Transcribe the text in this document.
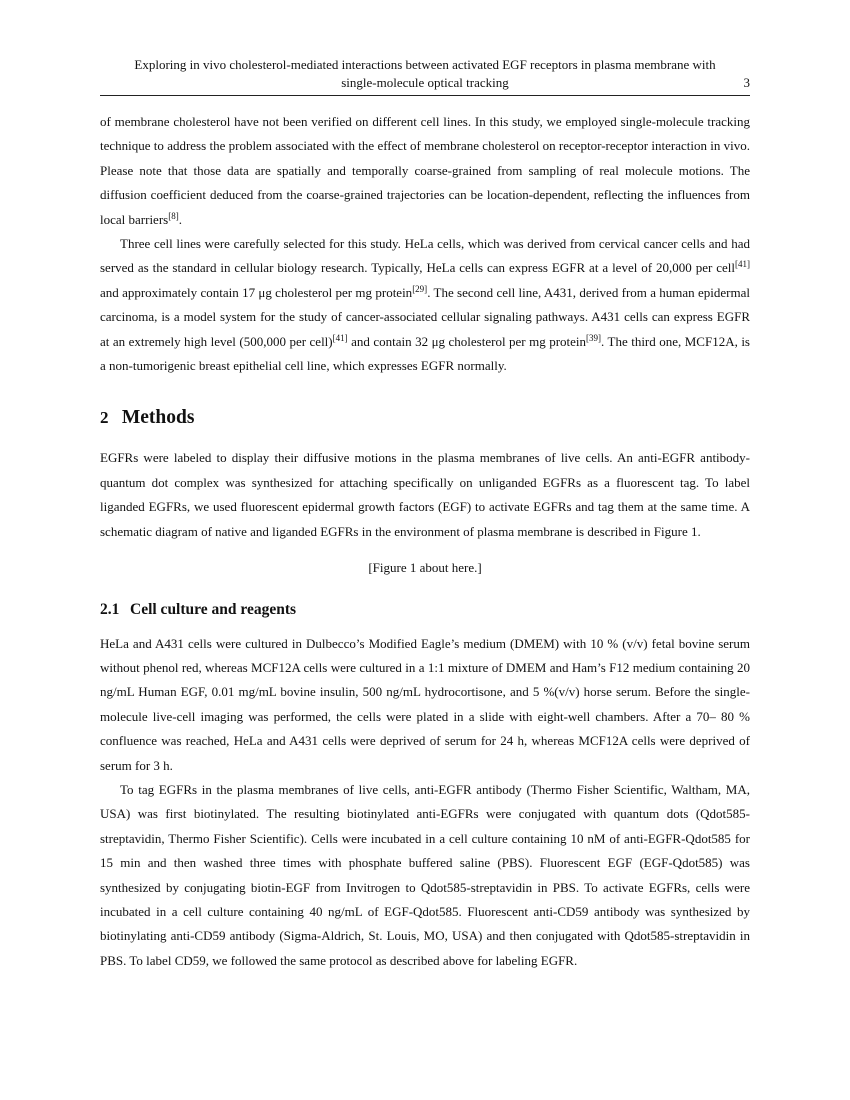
Exploring in vivo cholesterol-mediated interactions between activated EGF receptors in plasma membrane with
single-molecule optical tracking	3

of membrane cholesterol have not been verified on different cell lines. In this study, we employed single-molecule tracking technique to address the problem associated with the effect of membrane cholesterol on receptor-receptor interaction in vivo. Please note that those data are spatially and temporally coarse-grained from sampling of real molecule motions. The diffusion coefficient deduced from the coarse-grained trajectories can be location-dependent, reflecting the influences from local barriers[8].

Three cell lines were carefully selected for this study. HeLa cells, which was derived from cervical cancer cells and had served as the standard in cellular biology research. Typically, HeLa cells can express EGFR at a level of 20,000 per cell[41] and approximately contain 17 μg cholesterol per mg protein[29]. The second cell line, A431, derived from a human epidermal carcinoma, is a model system for the study of cancer-associated cellular signaling pathways. A431 cells can express EGFR at an extremely high level (500,000 per cell)[41] and contain 32 μg cholesterol per mg protein[39]. The third one, MCF12A, is a non-tumorigenic breast epithelial cell line, which expresses EGFR normally.

2 Methods

EGFRs were labeled to display their diffusive motions in the plasma membranes of live cells. An anti-EGFR antibody-quantum dot complex was synthesized for attaching specifically on unliganded EGFRs as a fluorescent tag. To label liganded EGFRs, we used fluorescent epidermal growth factors (EGF) to activate EGFRs and tag them at the same time. A schematic diagram of native and liganded EGFRs in the environment of plasma membrane is described in Figure 1.

[Figure 1 about here.]

2.1 Cell culture and reagents

HeLa and A431 cells were cultured in Dulbecco’s Modified Eagle’s medium (DMEM) with 10 % (v/v) fetal bovine serum without phenol red, whereas MCF12A cells were cultured in a 1:1 mixture of DMEM and Ham’s F12 medium containing 20 ng/mL Human EGF, 0.01 mg/mL bovine insulin, 500 ng/mL hydrocortisone, and 5 %(v/v) horse serum. Before the single-molecule live-cell imaging was performed, the cells were plated in a slide with eight-well chambers. After a 70– 80 % confluence was reached, HeLa and A431 cells were deprived of serum for 24 h, whereas MCF12A cells were deprived of serum for 3 h.

To tag EGFRs in the plasma membranes of live cells, anti-EGFR antibody (Thermo Fisher Scientific, Waltham, MA, USA) was first biotinylated. The resulting biotinylated anti-EGFRs were conjugated with quantum dots (Qdot585-streptavidin, Thermo Fisher Scientific). Cells were incubated in a cell culture containing 10 nM of anti-EGFR-Qdot585 for 15 min and then washed three times with phosphate buffered saline (PBS). Fluorescent EGF (EGF-Qdot585) was synthesized by conjugating biotin-EGF from Invitrogen to Qdot585-streptavidin in PBS. To activate EGFRs, cells were incubated in a cell culture containing 40 ng/mL of EGF-Qdot585. Fluorescent anti-CD59 antibody was synthesized by biotinylating anti-CD59 antibody (Sigma-Aldrich, St. Louis, MO, USA) and then conjugated with Qdot585-streptavidin in PBS. To label CD59, we followed the same protocol as described above for labeling EGFR.
